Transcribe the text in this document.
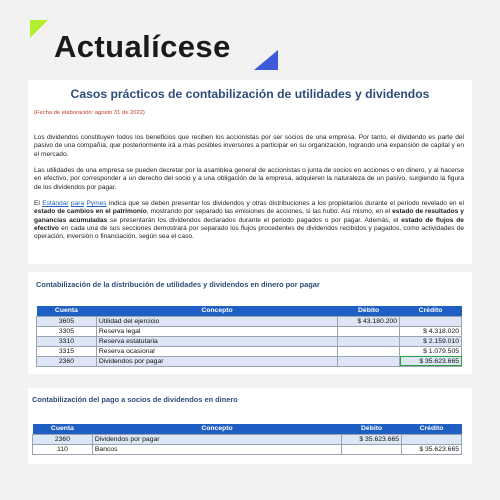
Actualícese
Casos prácticos de contabilización de utilidades y dividendos
(Fecha de elaboración: agosto 31 de 2022)
Los dividendos constituyen todos los beneficios que reciben los accionistas por ser socios de una empresa. Por tanto, el dividendo es parte del pasivo de una compañía, que posteriormente irá a más posibles inversores a participar en su organización, logrando una expansión de capital y en el mercado.
Las utilidades de una empresa se pueden decretar por la asamblea general de accionistas o junta de socios en acciones o en dinero, y al hacerse en efectivo, por corresponder a un derecho del socio y a una obligación de la empresa, adquieren la naturaleza de un pasivo, surgiendo la figura de los dividendos por pagar.
El Estándar para Pymes indica que se deben presentar los dividendos y otras distribuciones a los propietarios durante el periodo revelado en el estado de cambios en el patrimonio, mostrando por separado las emisiones de acciones, si las hubo. Así mismo, en el estado de resultados y ganancias acumuladas se presentarán los dividendos declarados durante el periodo pagados o por pagar. Además, el estado de flujos de efectivo en cada una de sus secciones demostrará por separado los flujos procedentes de dividendos recibidos y pagados, como actividades de operación, inversión o financiación, según sea el caso.
Contabilización de la distribución de utilidades y dividendos en dinero por pagar
Cuenta	Concepto	Débito	Crédito
3605	Utilidad del ejercicio	$ 43.180.200	
3305	Reserva legal		$ 4.318.020
3310	Reserva estatutaria		$ 2.159.010
3315	Reserva ocasional		$ 1.079.505
2360	Dividendos por pagar		$ 35.623.665
Contabilización del pago a socios de dividendos en dinero
Cuenta	Concepto	Débito	Crédito
2360	Dividendos por pagar	$ 35.623.665	
110	Bancos		$ 35.623.665
